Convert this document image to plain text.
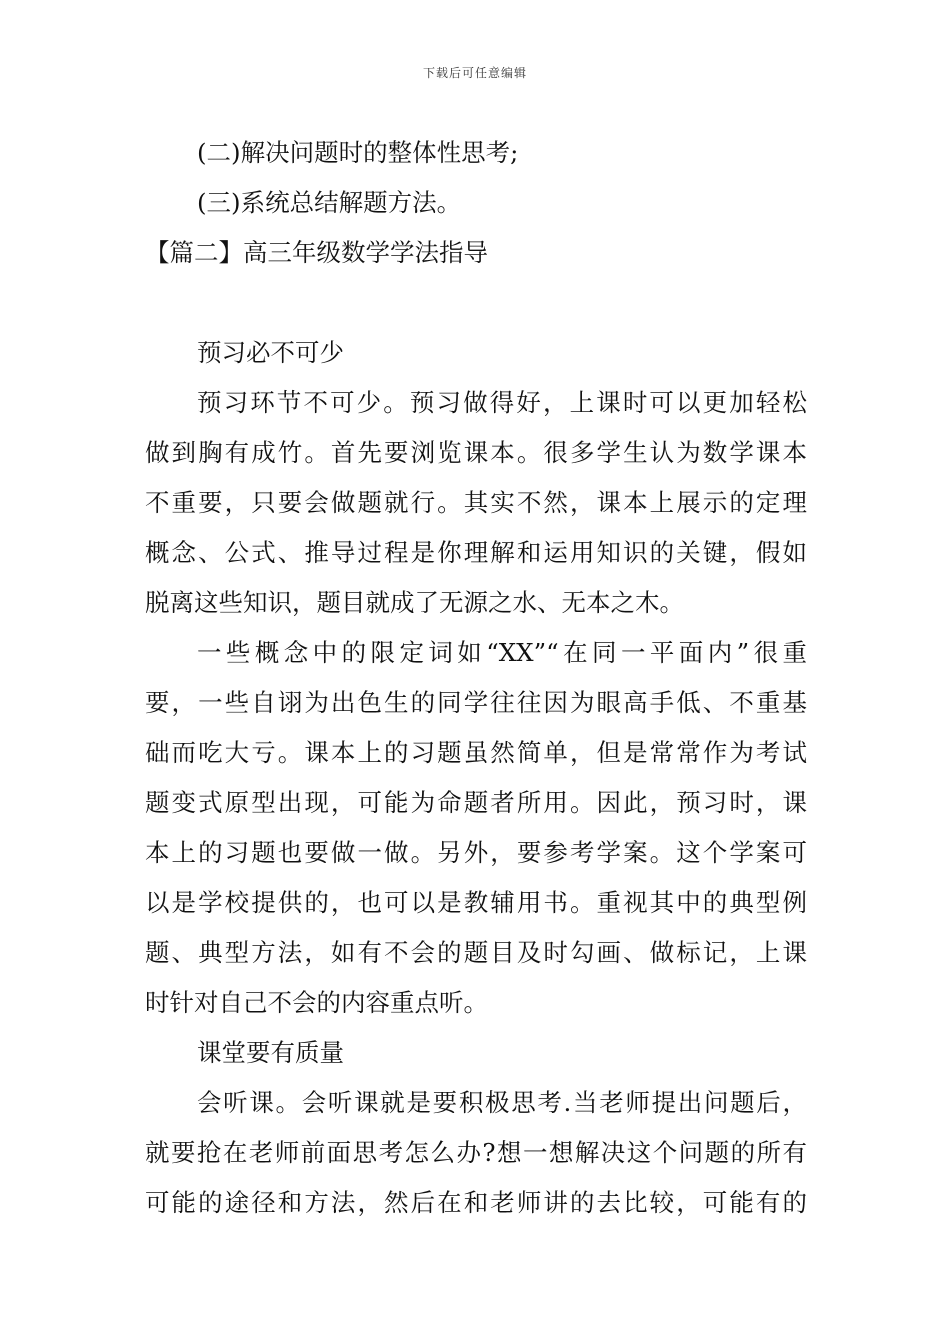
下载后可任意编辑
(二)解决问题时的整体性思考;
(三)系统总结解题方法。
【篇二】高三年级数学学法指导
预习必不可少
预习环节不可少。预习做得好，上课时可以更加轻松
做到胸有成竹。首先要浏览课本。很多学生认为数学课本
不重要，只要会做题就行。其实不然，课本上展示的定理
概念、公式、推导过程是你理解和运用知识的关键，假如
脱离这些知识，题目就成了无源之水、无本之木。
一些概念中的限定词如“XX”“在同一平面内”很重
要，一些自诩为出色生的同学往往因为眼高手低、不重基
础而吃大亏。课本上的习题虽然简单，但是常常作为考试
题变式原型出现，可能为命题者所用。因此，预习时，课
本上的习题也要做一做。另外，要参考学案。这个学案可
以是学校提供的，也可以是教辅用书。重视其中的典型例
题、典型方法，如有不会的题目及时勾画、做标记，上课
时针对自己不会的内容重点听。
课堂要有质量
会听课。会听课就是要积极思考.当老师提出问题后，
就要抢在老师前面思考怎么办?想一想解决这个问题的所有
可能的途径和方法，然后在和老师讲的去比较，可能有的
